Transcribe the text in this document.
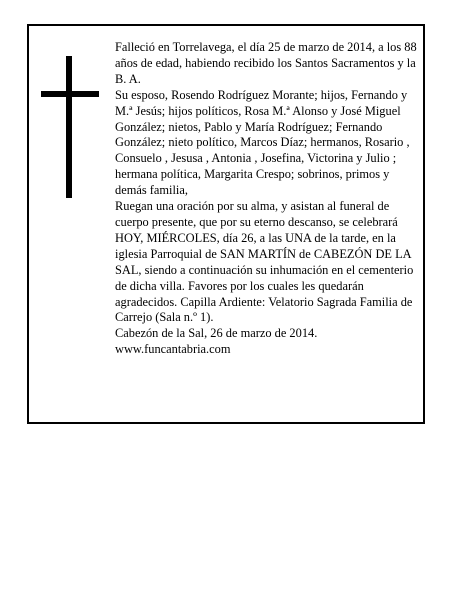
Falleció en Torrelavega, el día 25 de marzo de 2014, a los 88 años de edad, habiendo recibido los Santos Sacramentos y la B. A.

Su esposo, Rosendo Rodríguez Morante; hijos, Fernando y M.ª Jesús; hijos políticos, Rosa M.ª Alonso y José Miguel González; nietos, Pablo y María Rodríguez; Fernando González; nieto político, Marcos Díaz; hermanos, Rosario , Consuelo , Jesusa , Antonia , Josefina, Victorina y Julio ; hermana política, Margarita Crespo; sobrinos, primos y demás familia,

Ruegan una oración por su alma, y asistan al funeral de cuerpo presente, que por su eterno descanso, se celebrará HOY, MIÉRCOLES, día 26, a las UNA de la tarde, en la iglesia Parroquial de SAN MARTÍN de CABEZÓN DE LA SAL, siendo a continuación su inhumación en el cementerio de dicha villa. Favores por los cuales les quedarán agradecidos. Capilla Ardiente: Velatorio Sagrada Familia de Carrejo (Sala n.º 1).

Cabezón de la Sal, 26 de marzo de 2014.

www.funcantabria.com
